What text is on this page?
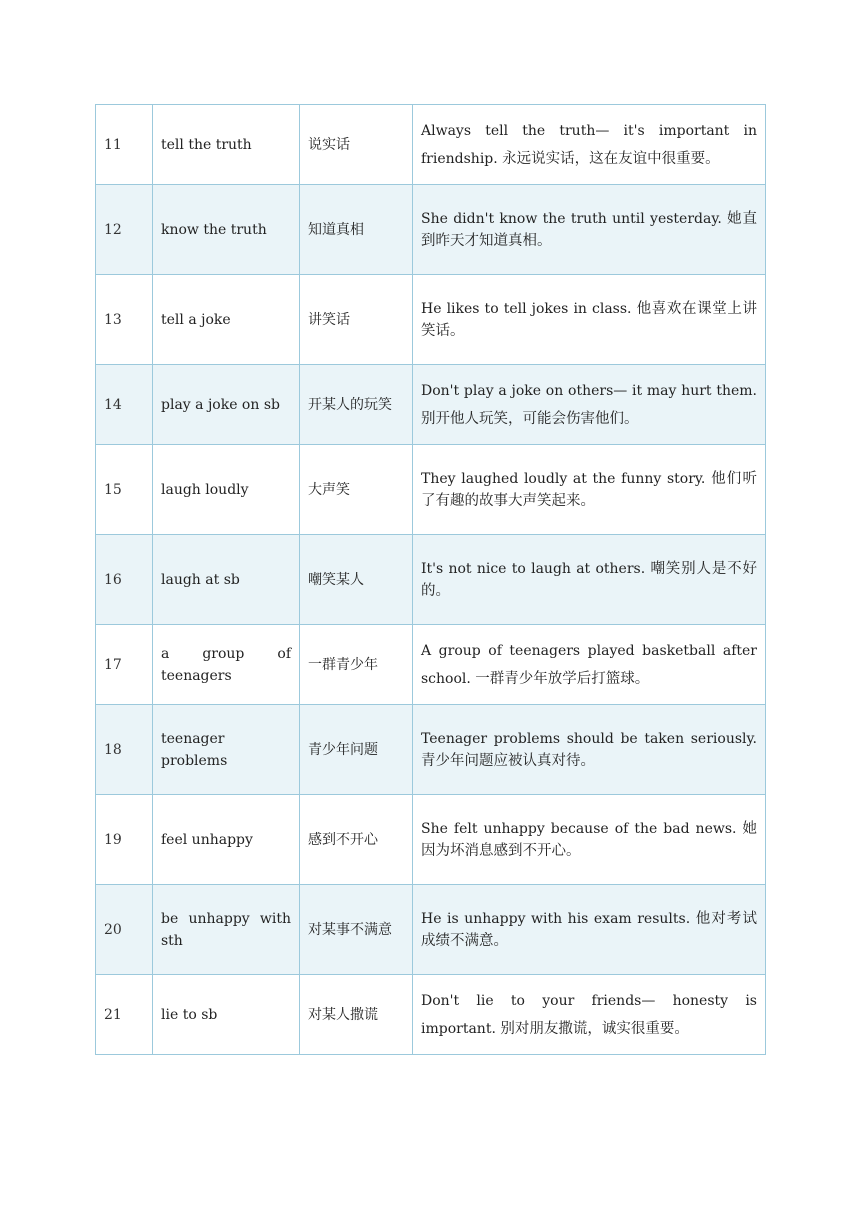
11	tell the truth	说实话	Always tell the truth— it's important in friendship. 永远说实话，这在友谊中很重要。
12	know the truth	知道真相	She didn't know the truth until yesterday. 她直到昨天才知道真相。
13	tell a joke	讲笑话	He likes to tell jokes in class. 他喜欢在课堂上讲笑话。
14	play a joke on sb	开某人的玩笑	Don't play a joke on others— it may hurt them. 别开他人玩笑，可能会伤害他们。
15	laugh loudly	大声笑	They laughed loudly at the funny story. 他们听了有趣的故事大声笑起来。
16	laugh at sb	嘲笑某人	It's not nice to laugh at others. 嘲笑别人是不好的。
17	a group of teenagers	一群青少年	A group of teenagers played basketball after school. 一群青少年放学后打篮球。
18	teenager problems	青少年问题	Teenager problems should be taken seriously. 青少年问题应被认真对待。
19	feel unhappy	感到不开心	She felt unhappy because of the bad news. 她因为坏消息感到不开心。
20	be unhappy with sth	对某事不满意	He is unhappy with his exam results. 他对考试成绩不满意。
21	lie to sb	对某人撒谎	Don't lie to your friends— honesty is important. 别对朋友撒谎，诚实很重要。
